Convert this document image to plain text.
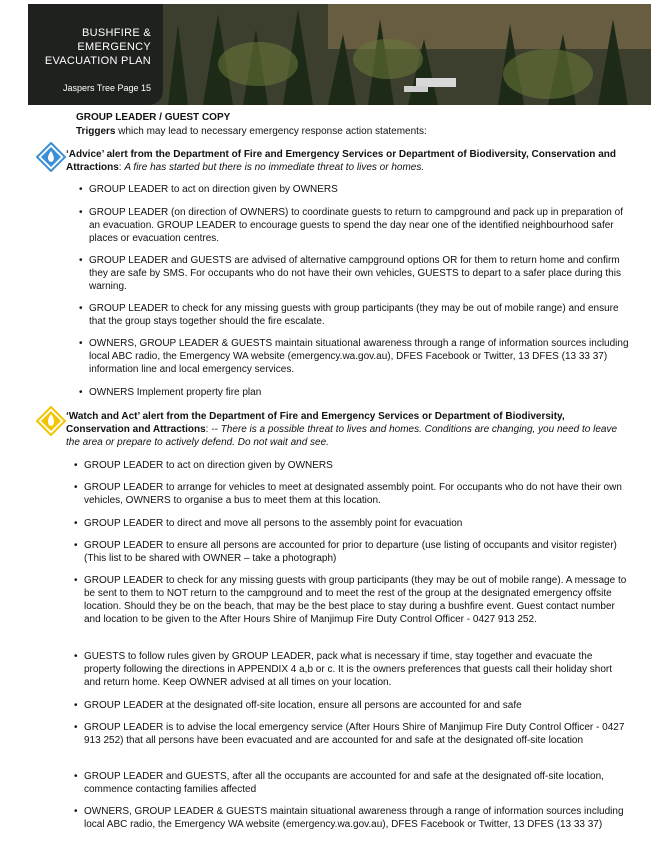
BUSHFIRE &
EMERGENCY
EVACUATION PLAN
Jaspers Tree Page 15
GROUP LEADER / GUEST COPY
Triggers which may lead to necessary emergency response action statements:
‘Advice’ alert from the Department of Fire and Emergency Services or Department of Biodiversity, Conservation and Attractions: A fire has started but there is no immediate threat to lives or homes.
• GROUP LEADER to act on direction given by OWNERS
• GROUP LEADER (on direction of OWNERS) to coordinate guests to return to campground and pack up in preparation of an evacuation. GROUP LEADER to encourage guests to spend the day near one of the identified neighbourhood safer places or evacuation centres.
• GROUP LEADER and GUESTS are advised of alternative campground options OR for them to return home and confirm they are safe by SMS. For occupants who do not have their own vehicles, GUESTS to depart to a safer place during this warning.
• GROUP LEADER to check for any missing guests with group participants (they may be out of mobile range) and ensure that the group stays together should the fire escalate.
• OWNERS, GROUP LEADER & GUESTS maintain situational awareness through a range of information sources including local ABC radio, the Emergency WA website (emergency.wa.gov.au), DFES Facebook or Twitter, 13 DFES (13 33 37) information line and local emergency services.
• OWNERS Implement property fire plan
‘Watch and Act’ alert from the Department of Fire and Emergency Services or Department of Biodiversity, Conservation and Attractions: -- There is a possible threat to lives and homes. Conditions are changing, you need to leave the area or prepare to actively defend. Do not wait and see.
• GROUP LEADER to act on direction given by OWNERS
• GROUP LEADER to arrange for vehicles to meet at designated assembly point. For occupants who do not have their own vehicles, OWNERS to organise a bus to meet them at this location.
• GROUP LEADER to direct and move all persons to the assembly point for evacuation
• GROUP LEADER to ensure all persons are accounted for prior to departure (use listing of occupants and visitor register) (This list to be shared with OWNER – take a photograph)
• GROUP LEADER to check for any missing guests with group participants (they may be out of mobile range). A message to be sent to them to NOT return to the campground and to meet the rest of the group at the designated emergency offsite location. Should they be on the beach, that may be the best place to stay during a bushfire event. Guest contact number and location to be given to the After Hours Shire of Manjimup Fire Duty Control Officer - 0427 913 252.
• GUESTS to follow rules given by GROUP LEADER, pack what is necessary if time, stay together and evacuate the property following the directions in APPENDIX 4 a,b or c. It is the owners preferences that guests call their holiday short and return home. Keep OWNER advised at all times on your location.
• GROUP LEADER at the designated off-site location, ensure all persons are accounted for and safe
• GROUP LEADER is to advise the local emergency service (After Hours Shire of Manjimup Fire Duty Control Officer - 0427 913 252) that all persons have been evacuated and are accounted for and safe at the designated off-site location
• GROUP LEADER and GUESTS, after all the occupants are accounted for and safe at the designated off-site location, commence contacting families affected
• OWNERS, GROUP LEADER & GUESTS maintain situational awareness through a range of information sources including local ABC radio, the Emergency WA website (emergency.wa.gov.au), DFES Facebook or Twitter, 13 DFES (13 33 37)
